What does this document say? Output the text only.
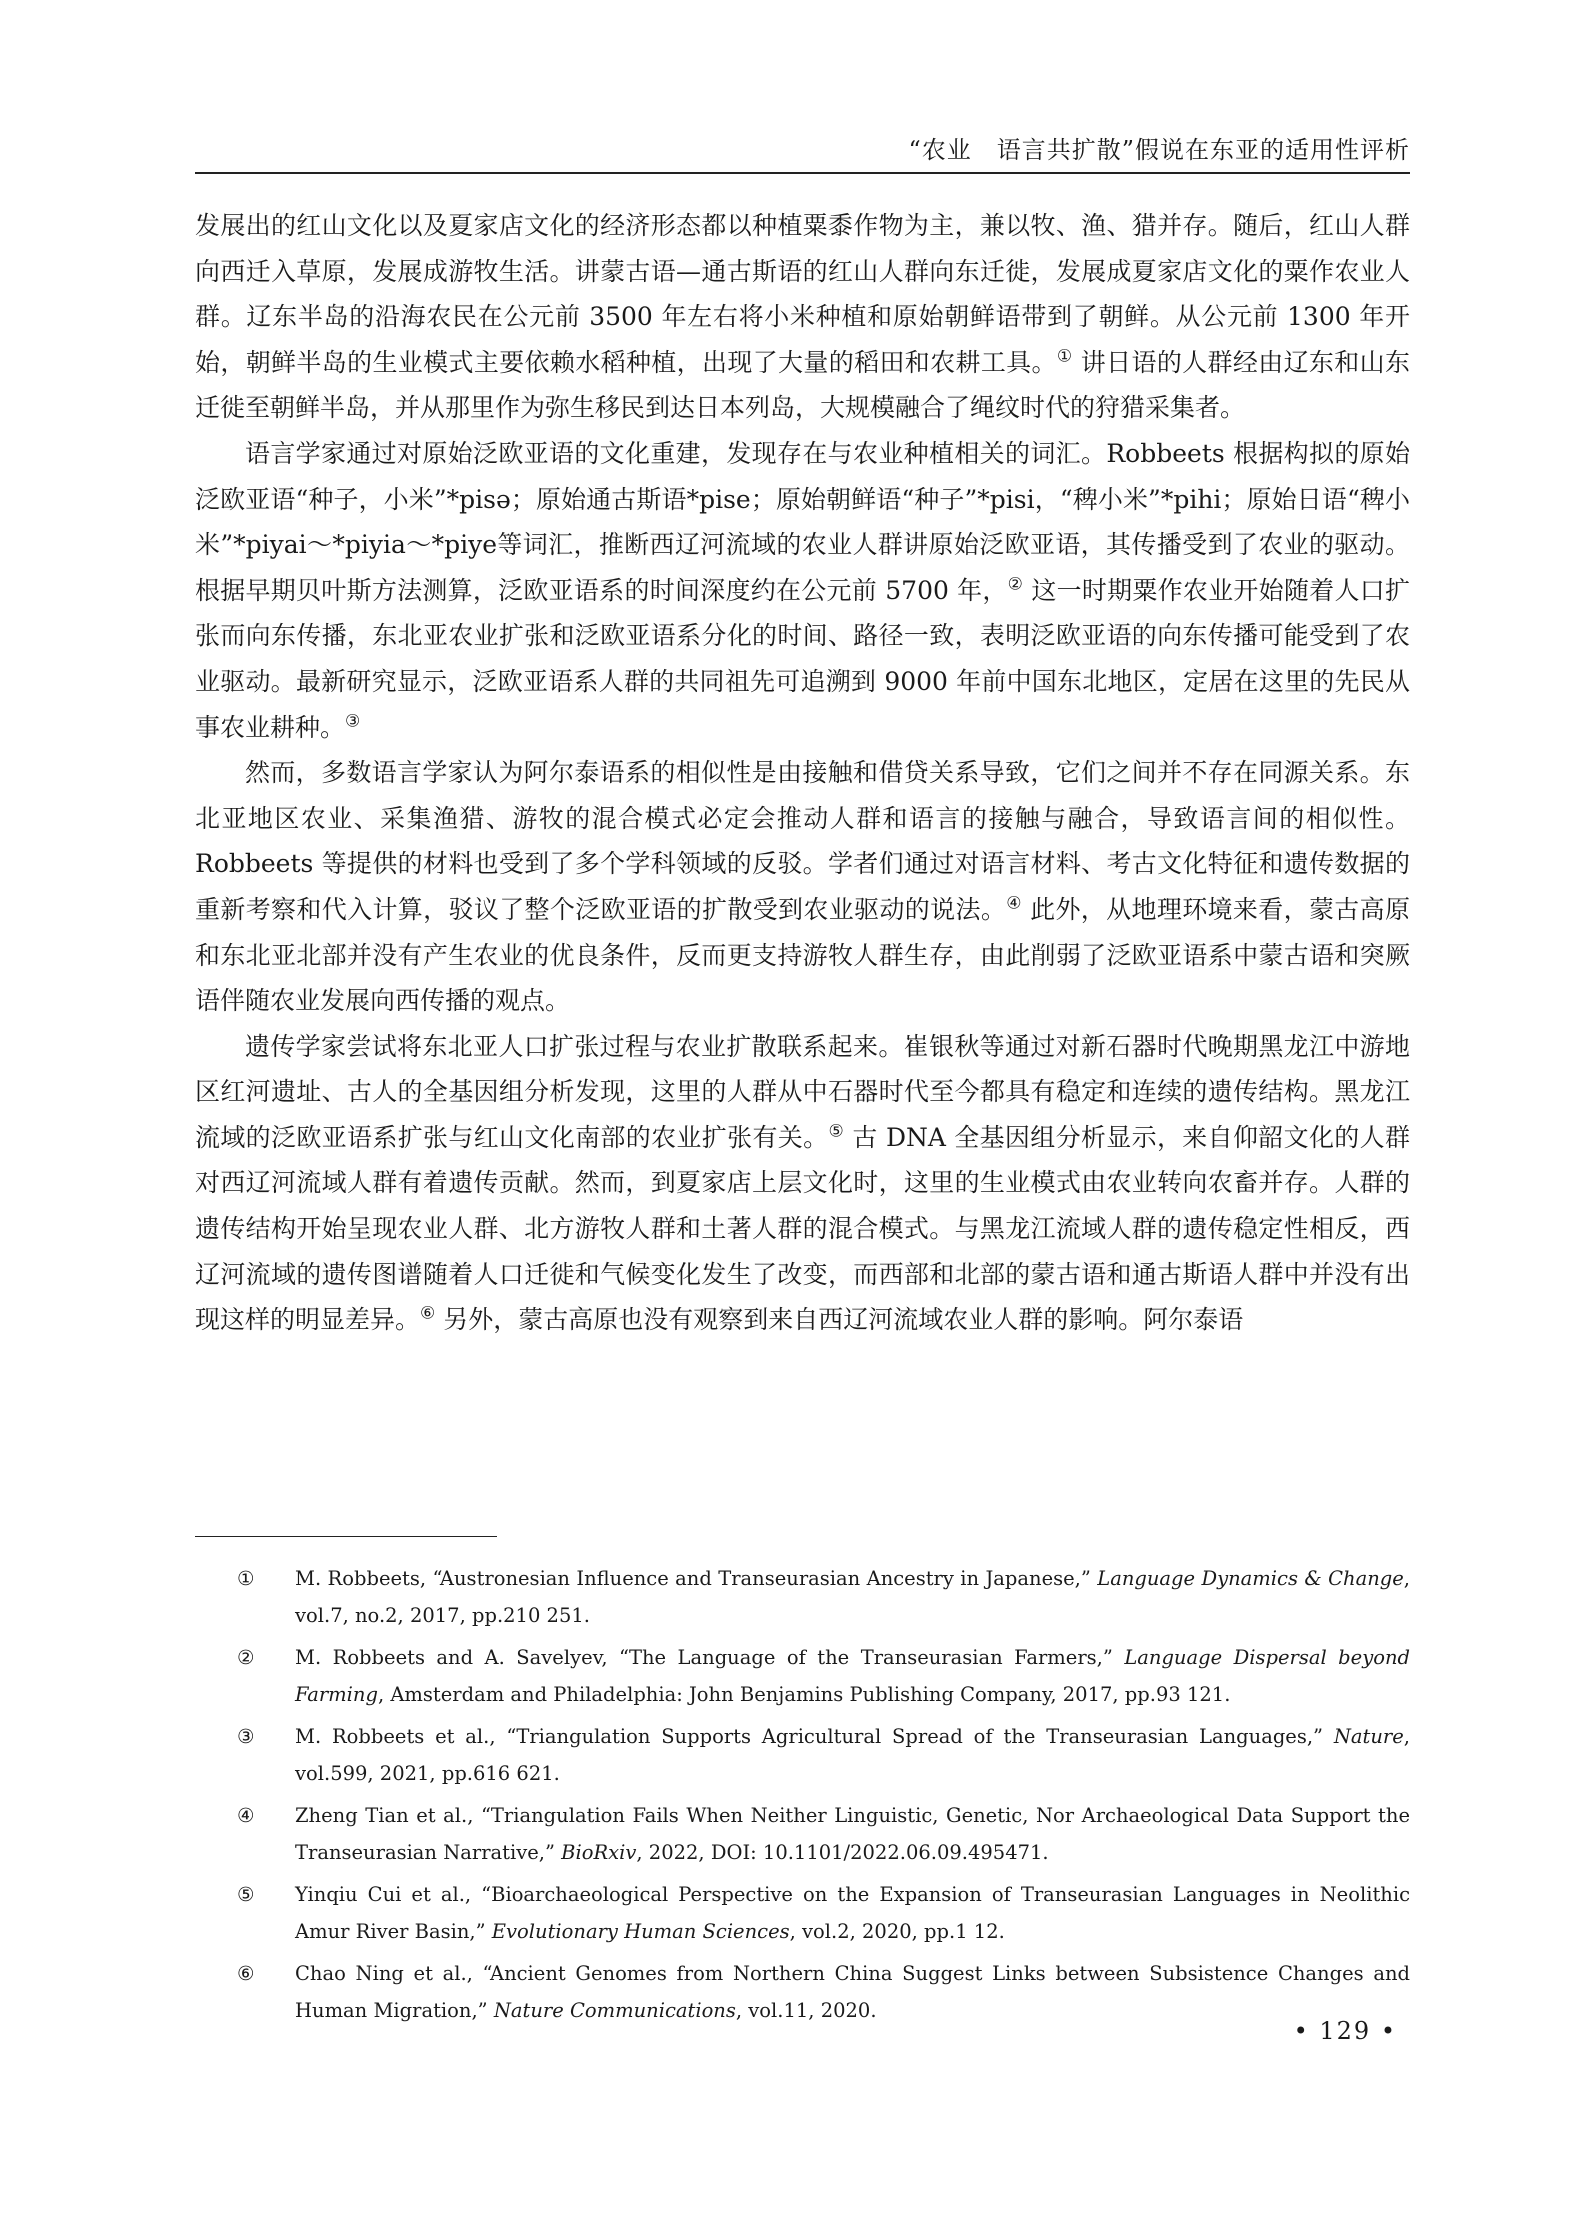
“农业　语言共扩散”假说在东亚的适用性评析

发展出的红山文化以及夏家店文化的经济形态都以种植粟黍作物为主，兼以牧、渔、猎并存。随后，红山人群向西迁入草原，发展成游牧生活。讲蒙古语—通古斯语的红山人群向东迁徙，发展成夏家店文化的粟作农业人群。辽东半岛的沿海农民在公元前 3500 年左右将小米种植和原始朝鲜语带到了朝鲜。从公元前 1300 年开始，朝鲜半岛的生业模式主要依赖水稻种植，出现了大量的稻田和农耕工具。① 讲日语的人群经由辽东和山东迁徙至朝鲜半岛，并从那里作为弥生移民到达日本列岛，大规模融合了绳纹时代的狩猎采集者。

语言学家通过对原始泛欧亚语的文化重建，发现存在与农业种植相关的词汇。Robbeets 根据构拟的原始泛欧亚语“种子，小米”*pisə；原始通古斯语*pise；原始朝鲜语“种子”*pisi，“稗小米”*pihi；原始日语“稗小米”*piyai～*piyia～*piye等词汇，推断西辽河流域的农业人群讲原始泛欧亚语，其传播受到了农业的驱动。根据早期贝叶斯方法测算，泛欧亚语系的时间深度约在公元前 5700 年，② 这一时期粟作农业开始随着人口扩张而向东传播，东北亚农业扩张和泛欧亚语系分化的时间、路径一致，表明泛欧亚语的向东传播可能受到了农业驱动。最新研究显示，泛欧亚语系人群的共同祖先可追溯到 9000 年前中国东北地区，定居在这里的先民从事农业耕种。③

然而，多数语言学家认为阿尔泰语系的相似性是由接触和借贷关系导致，它们之间并不存在同源关系。东北亚地区农业、采集渔猎、游牧的混合模式必定会推动人群和语言的接触与融合，导致语言间的相似性。Robbeets 等提供的材料也受到了多个学科领域的反驳。学者们通过对语言材料、考古文化特征和遗传数据的重新考察和代入计算，驳议了整个泛欧亚语的扩散受到农业驱动的说法。④ 此外，从地理环境来看，蒙古高原和东北亚北部并没有产生农业的优良条件，反而更支持游牧人群生存，由此削弱了泛欧亚语系中蒙古语和突厥语伴随农业发展向西传播的观点。

遗传学家尝试将东北亚人口扩张过程与农业扩散联系起来。崔银秋等通过对新石器时代晚期黑龙江中游地区红河遗址、古人的全基因组分析发现，这里的人群从中石器时代至今都具有稳定和连续的遗传结构。黑龙江流域的泛欧亚语系扩张与红山文化南部的农业扩张有关。⑤ 古 DNA 全基因组分析显示，来自仰韶文化的人群对西辽河流域人群有着遗传贡献。然而，到夏家店上层文化时，这里的生业模式由农业转向农畜并存。人群的遗传结构开始呈现农业人群、北方游牧人群和土著人群的混合模式。与黑龙江流域人群的遗传稳定性相反，西辽河流域的遗传图谱随着人口迁徙和气候变化发生了改变，而西部和北部的蒙古语和通古斯语人群中并没有出现这样的明显差异。⑥ 另外，蒙古高原也没有观察到来自西辽河流域农业人群的影响。阿尔泰语

①	M. Robbeets, “Austronesian Influence and Transeurasian Ancestry in Japanese,” Language Dynamics & Change, vol.7, no.2, 2017, pp.210 251.
②	M. Robbeets and A. Savelyev, “The Language of the Transeurasian Farmers,” Language Dispersal beyond Farming, Amsterdam and Philadelphia: John Benjamins Publishing Company, 2017, pp.93 121.
③	M. Robbeets et al., “Triangulation Supports Agricultural Spread of the Transeurasian Languages,” Nature, vol.599, 2021, pp.616 621.
④	Zheng Tian et al., “Triangulation Fails When Neither Linguistic, Genetic, Nor Archaeological Data Support the Transeurasian Narrative,” BioRxiv, 2022, DOI: 10.1101/2022.06.09.495471.
⑤	Yinqiu Cui et al., “Bioarchaeological Perspective on the Expansion of Transeurasian Languages in Neolithic Amur River Basin,” Evolutionary Human Sciences, vol.2, 2020, pp.1 12.
⑥	Chao Ning et al., “Ancient Genomes from Northern China Suggest Links between Subsistence Changes and Human Migration,” Nature Communications, vol.11, 2020.
• 129 •
